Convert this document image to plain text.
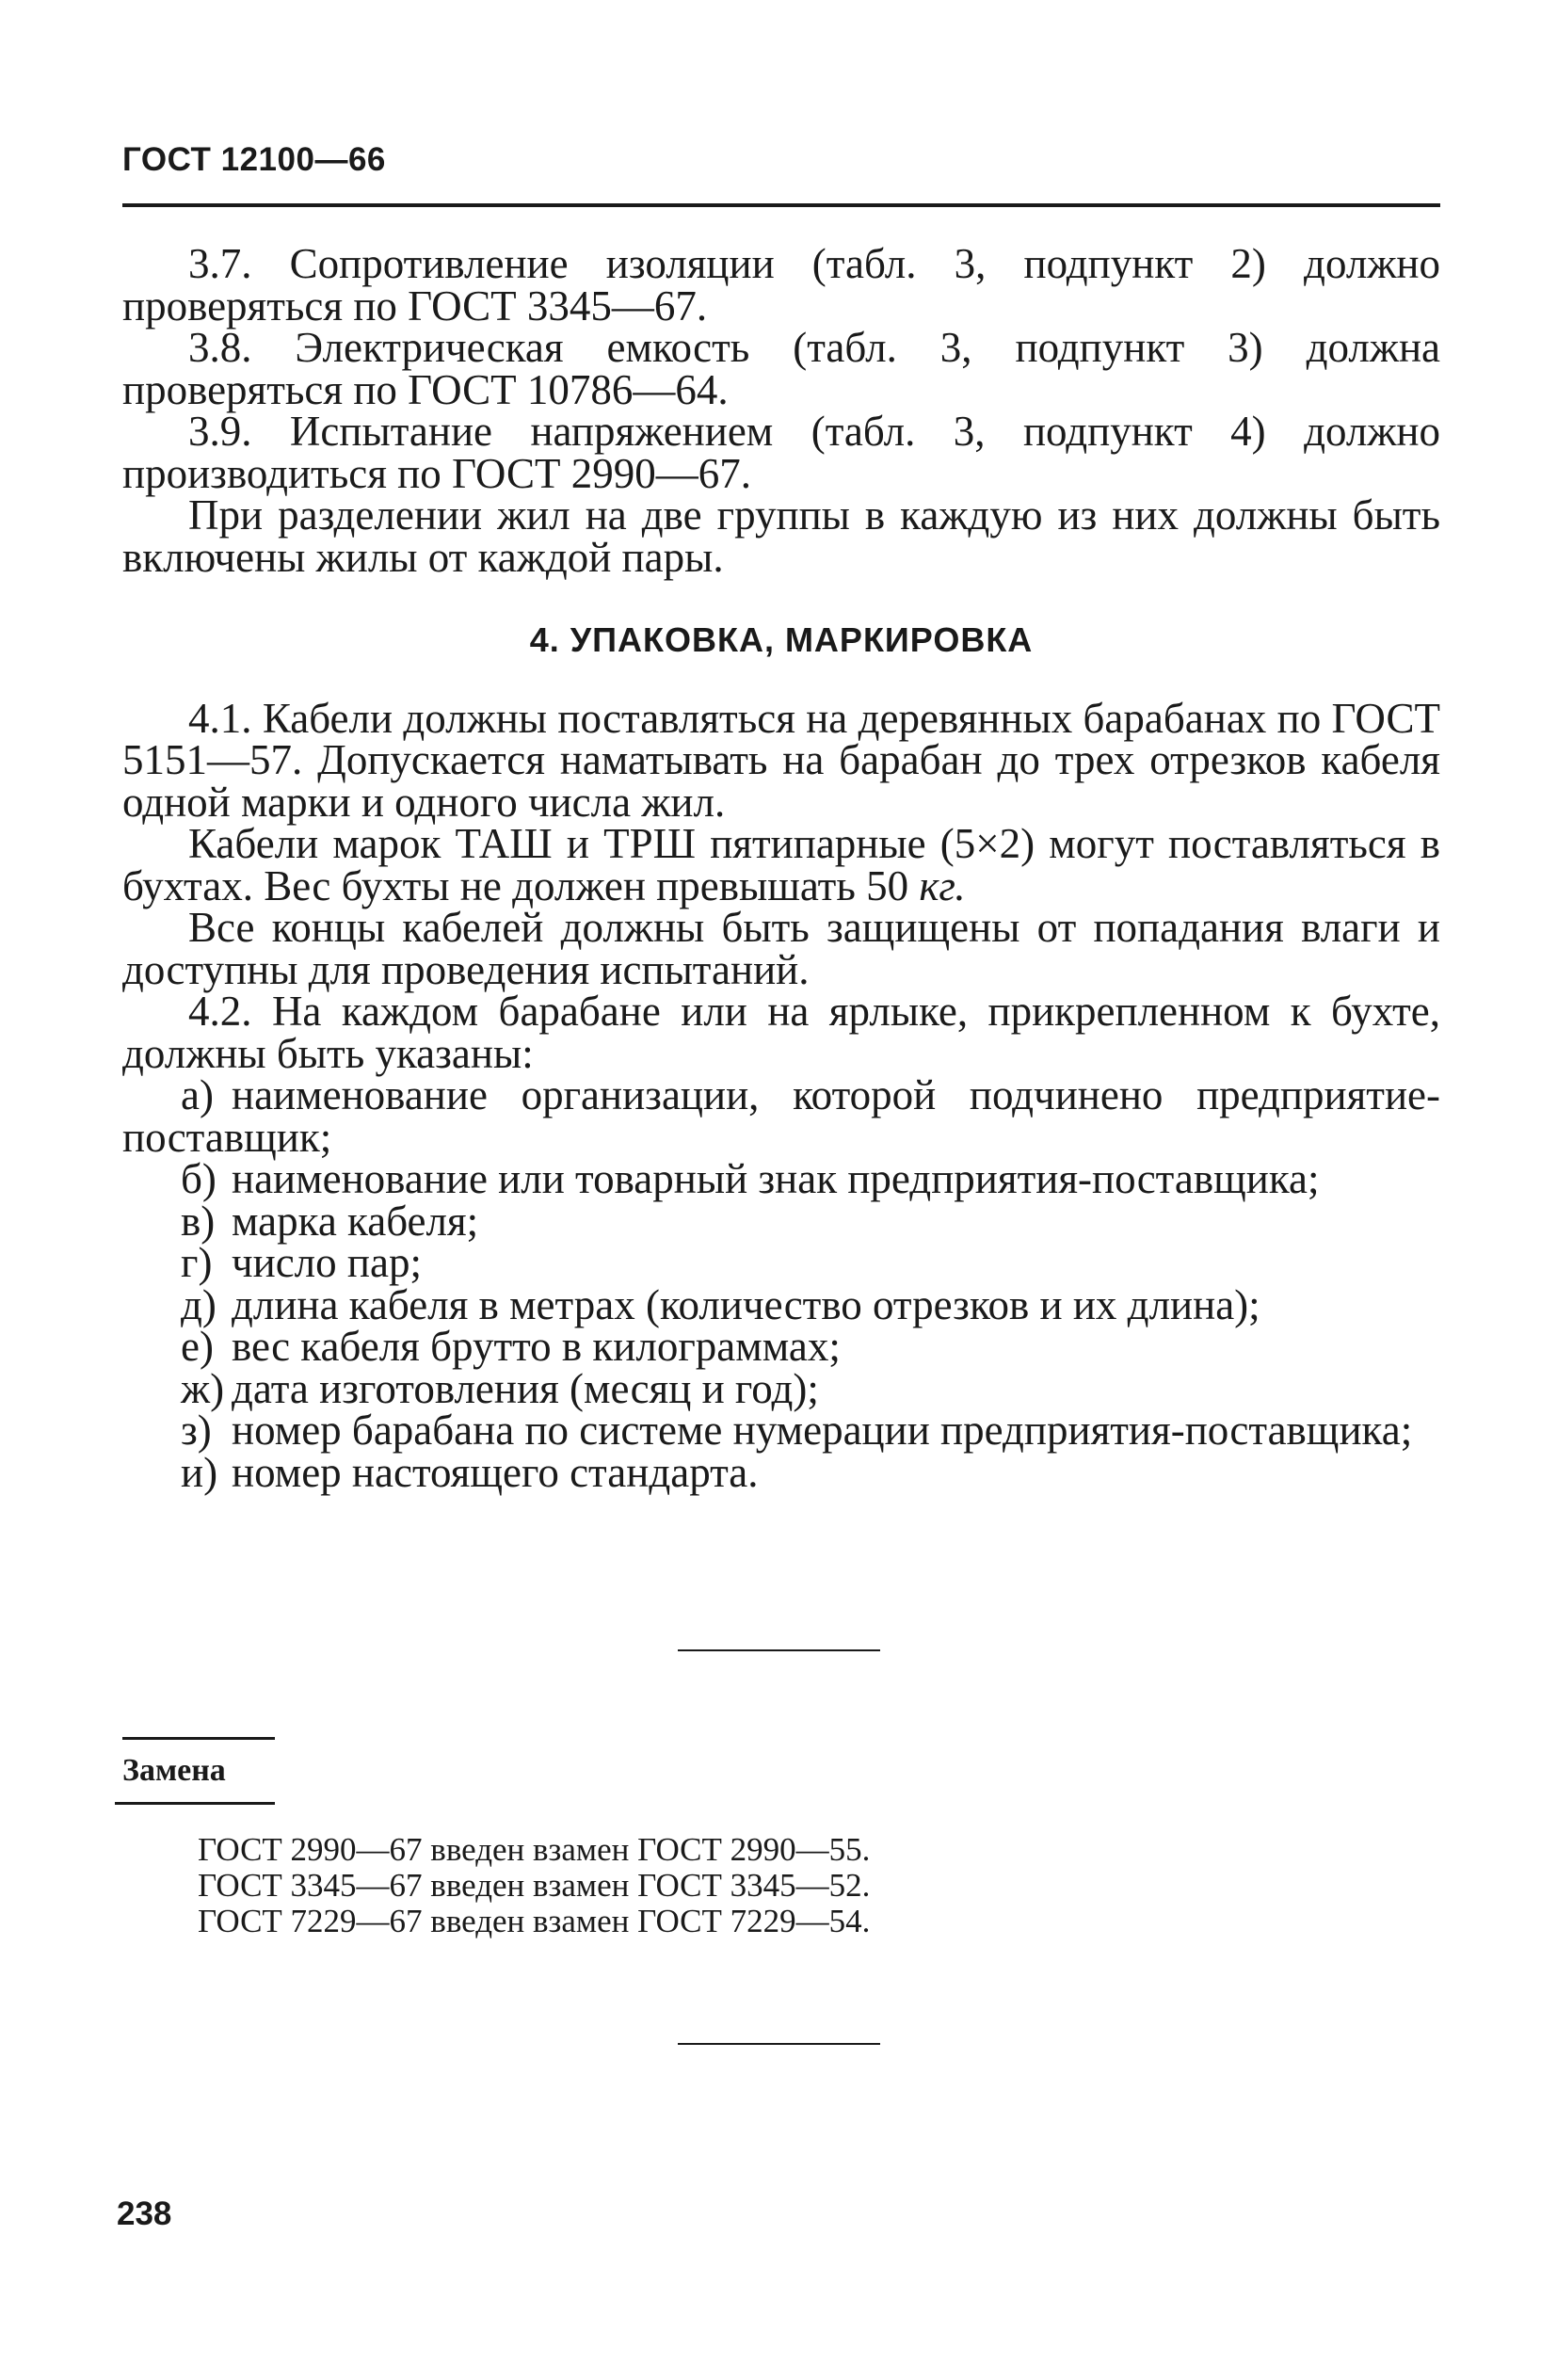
ГОСТ 12100—66

3.7. Сопротивление изоляции (табл. 3, подпункт 2) должно проверяться по ГОСТ 3345—67.

3.8. Электрическая емкость (табл. 3, подпункт 3) должна проверяться по ГОСТ 10786—64.

3.9. Испытание напряжением (табл. 3, подпункт 4) должно производиться по ГОСТ 2990—67.

При разделении жил на две группы в каждую из них должны быть включены жилы от каждой пары.

4. УПАКОВКА, МАРКИРОВКА

4.1. Кабели должны поставляться на деревянных барабанах по ГОСТ 5151—57. Допускается наматывать на барабан до трех отрезков кабеля одной марки и одного числа жил.

Кабели марок ТАШ и ТРШ пятипарные (5×2) могут поставляться в бухтах. Вес бухты не должен превышать 50 кг.

Все концы кабелей должны быть защищены от попадания влаги и доступны для проведения испытаний.

4.2. На каждом барабане или на ярлыке, прикрепленном к бухте, должны быть указаны:

а) наименование организации, которой подчинено предприятие-поставщик;

б) наименование или товарный знак предприятия-поставщика;

в) марка кабеля;

г) число пар;

д) длина кабеля в метрах (количество отрезков и их длина);

е) вес кабеля брутто в килограммах;

ж) дата изготовления (месяц и год);

з) номер барабана по системе нумерации предприятия-поставщика;

и) номер настоящего стандарта.

Замена
ГОСТ 2990—67 введен взамен ГОСТ 2990—55.
ГОСТ 3345—67 введен взамен ГОСТ 3345—52.
ГОСТ 7229—67 введен взамен ГОСТ 7229—54.
238
